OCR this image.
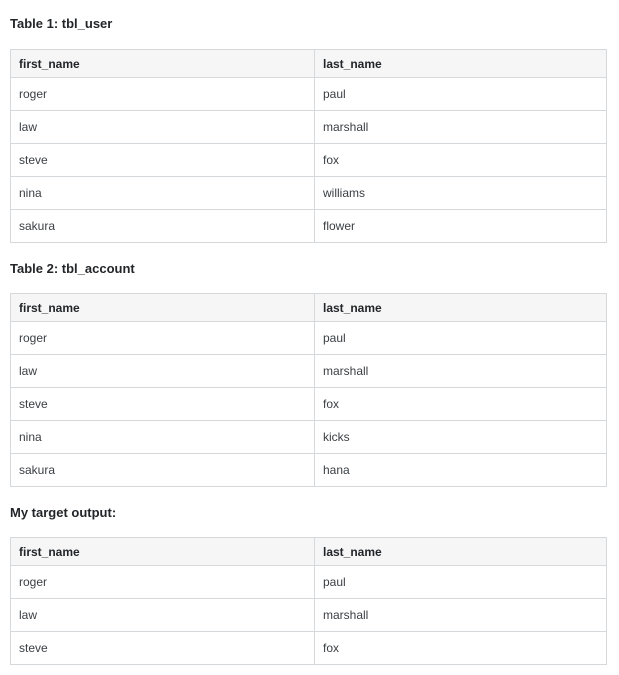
Table 1: tbl_user
first_name	last_name
roger	paul
law	marshall
steve	fox
nina	williams
sakura	flower
Table 2: tbl_account
first_name	last_name
roger	paul
law	marshall
steve	fox
nina	kicks
sakura	hana
My target output:
first_name	last_name
roger	paul
law	marshall
steve	fox
